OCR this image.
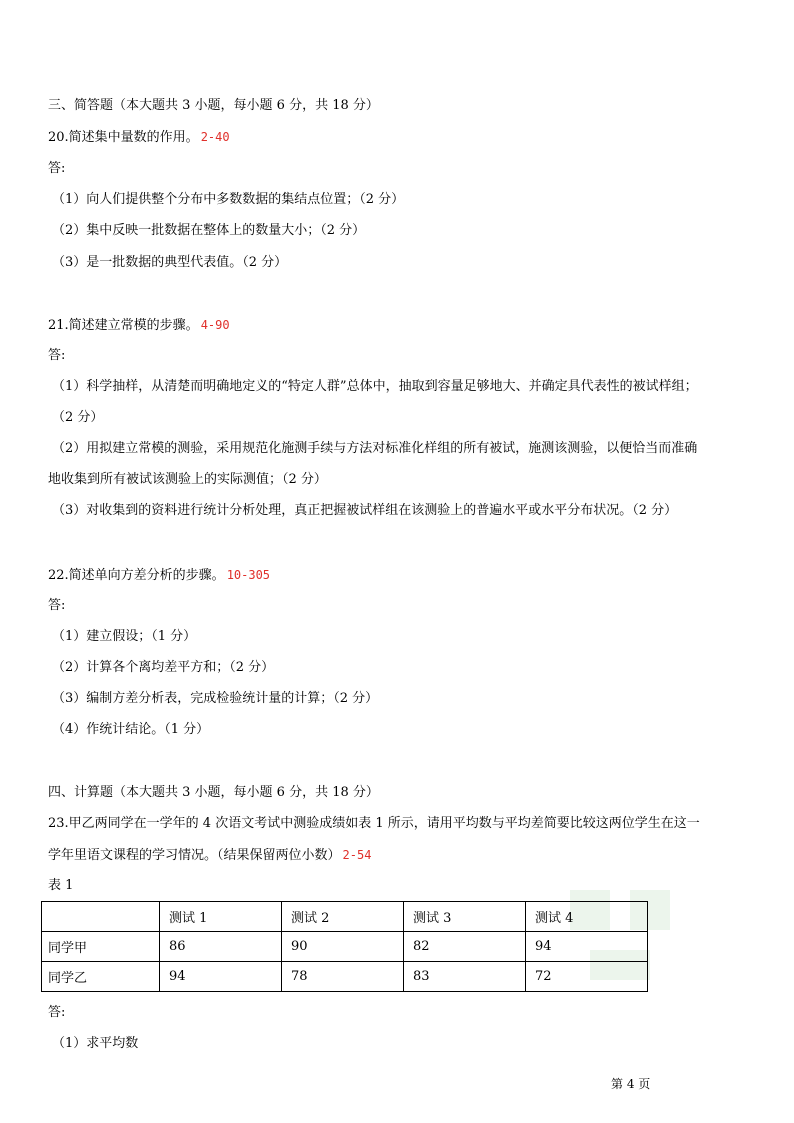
三、简答题（本大题共 3 小题，每小题 6 分，共 18 分）
20.简述集中量数的作用。 2-40
答:
（1）向人们提供整个分布中多数数据的集结点位置；（2 分）
（2）集中反映一批数据在整体上的数量大小；（2 分）
（3）是一批数据的典型代表值。（2 分）
21.简述建立常模的步骤。 4-90
答:
（1）科学抽样，从清楚而明确地定义的“特定人群”总体中，抽取到容量足够地大、并确定具代表性的被试样组；
（2 分）
（2）用拟建立常模的测验，采用规范化施测手续与方法对标准化样组的所有被试，施测该测验，以便恰当而准确
地收集到所有被试该测验上的实际测值；（2 分）
（3）对收集到的资料进行统计分析处理，真正把握被试样组在该测验上的普遍水平或水平分布状况。（2 分）
22.简述单向方差分析的步骤。 10-305
答:
（1）建立假设；（1 分）
（2）计算各个离均差平方和；（2 分）
（3）编制方差分析表，完成检验统计量的计算；（2 分）
（4）作统计结论。（1 分）
四、计算题（本大题共 3 小题，每小题 6 分，共 18 分）
23.甲乙两同学在一学年的 4 次语文考试中测验成绩如表 1 所示，请用平均数与平均差简要比较这两位学生在这一
学年里语文课程的学习情况。（结果保留两位小数） 2-54
表 1
	测试 1	测试 2	测试 3	测试 4
同学甲	86	90	82	94
同学乙	94	78	83	72
答:
（1）求平均数
第 4 页
